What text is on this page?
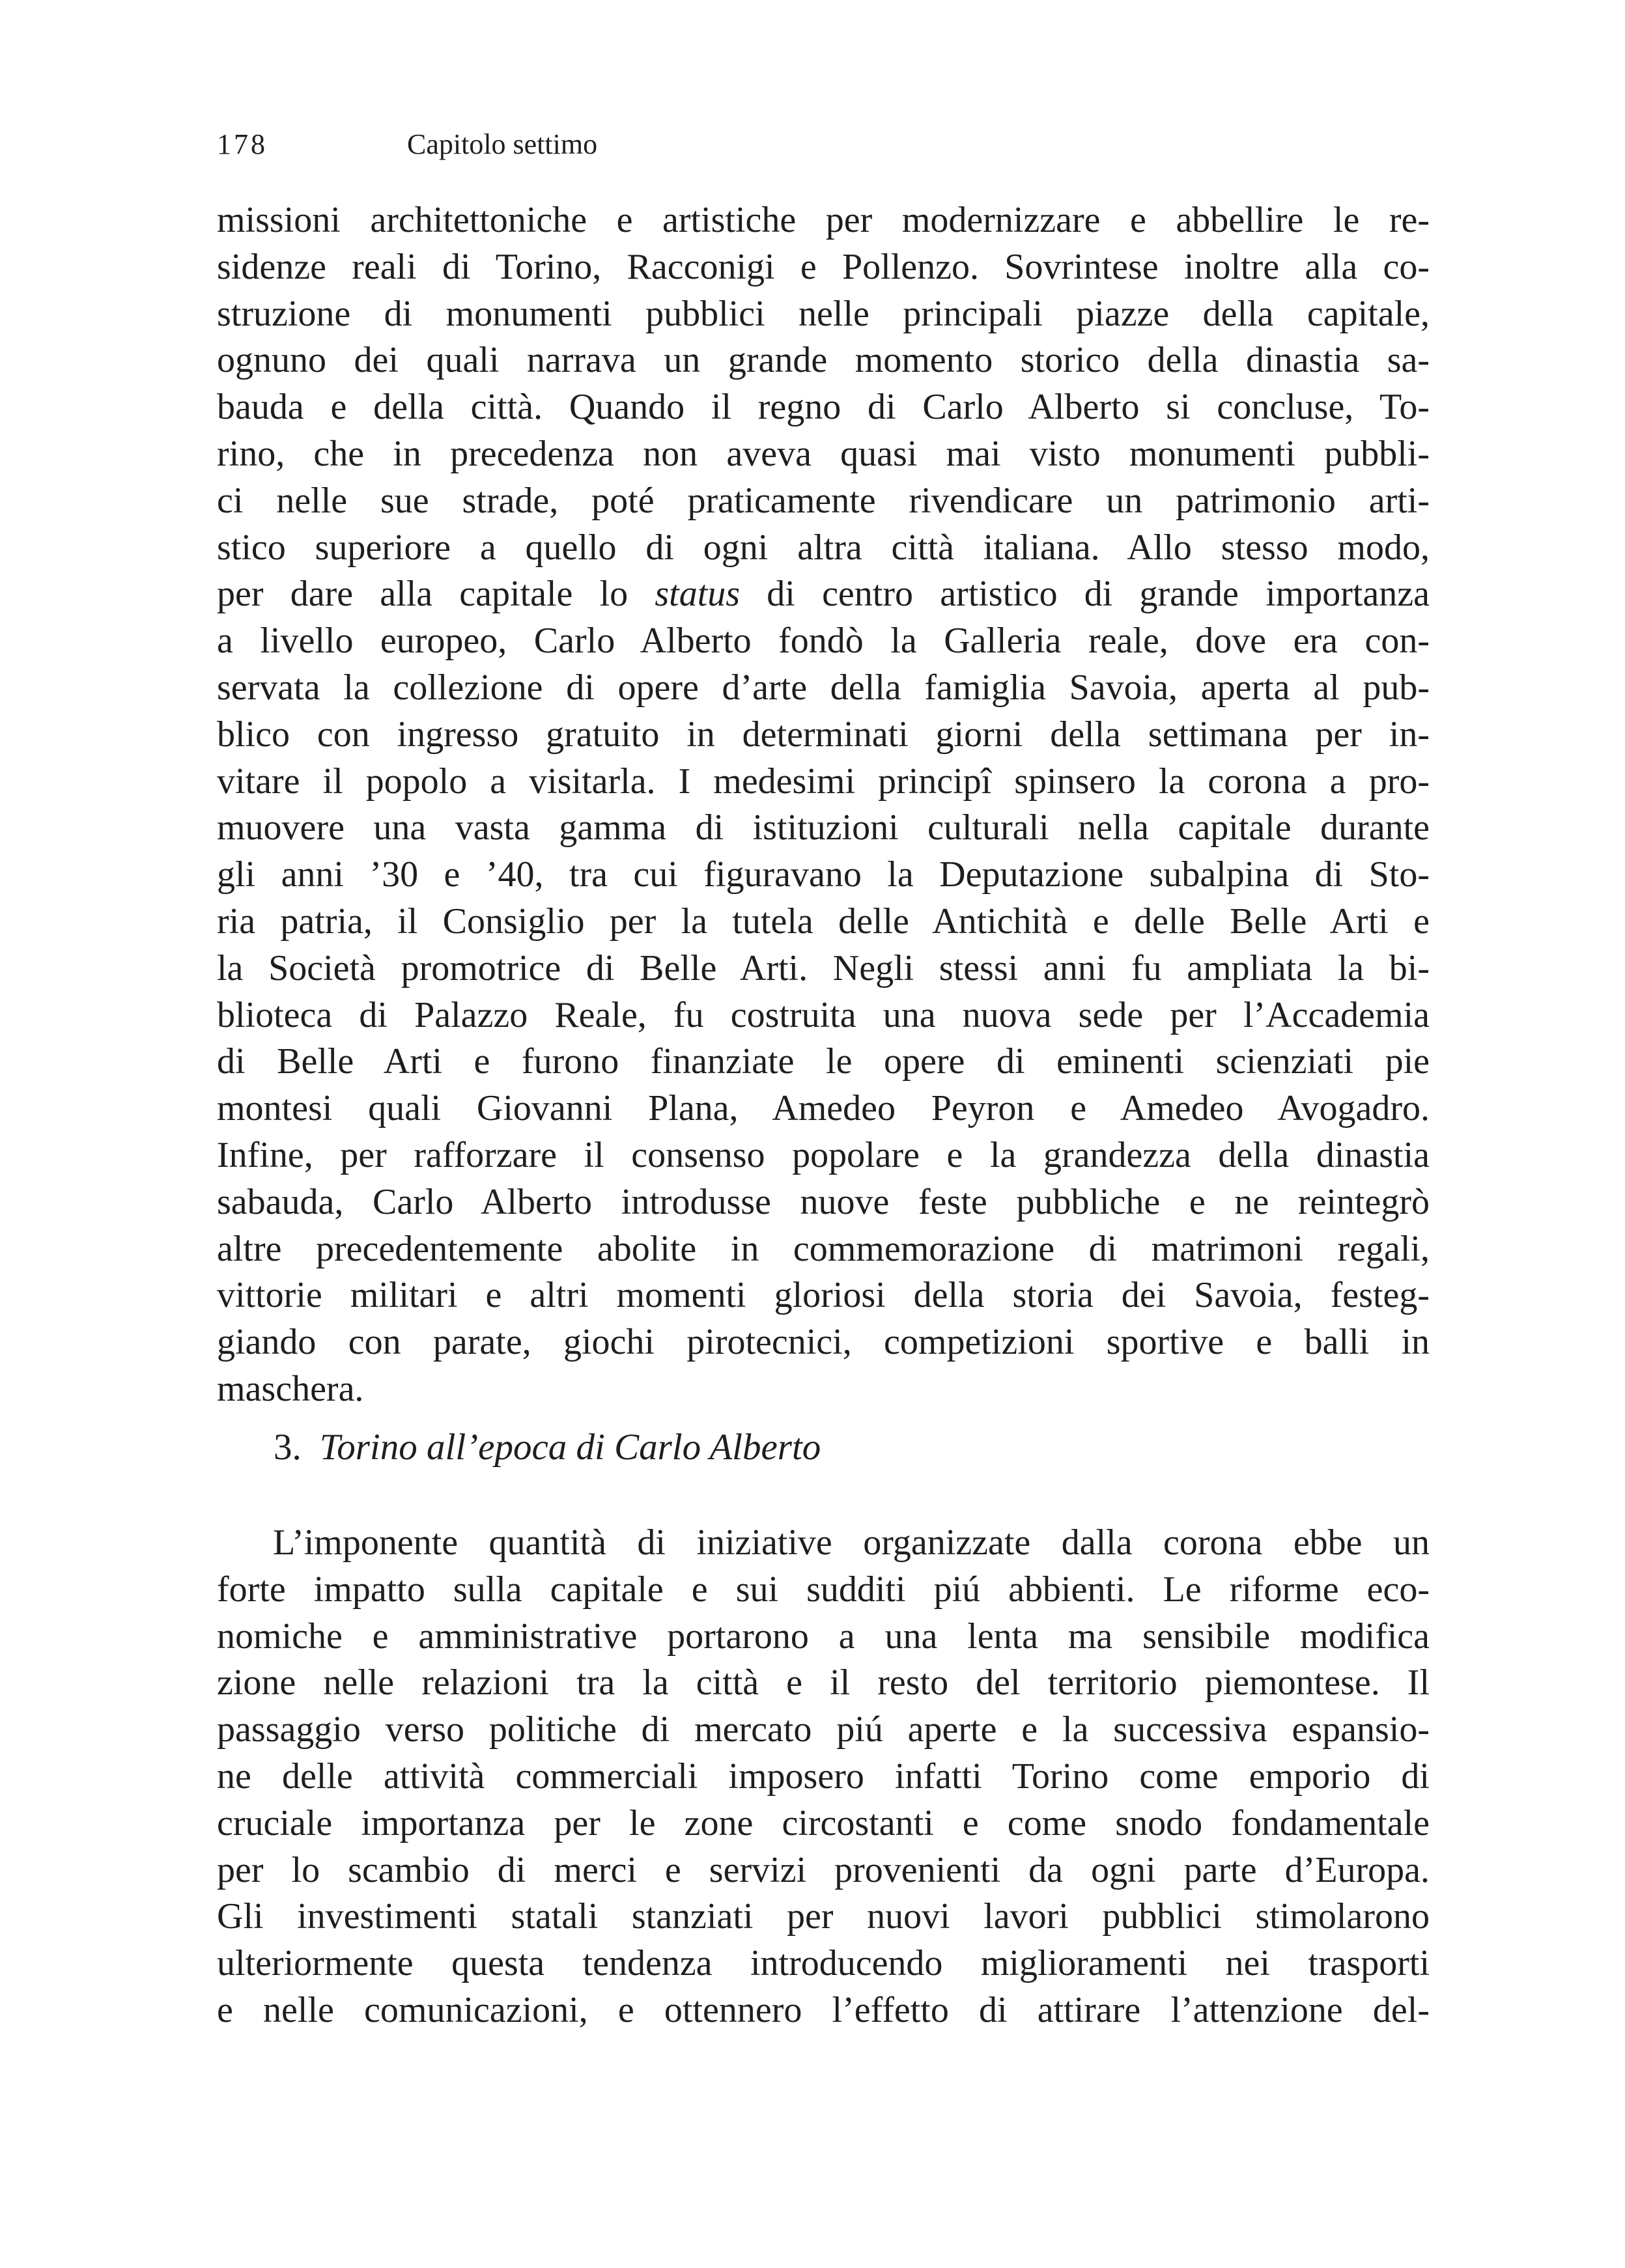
178	Capitolo settimo
missioni architettoniche e artistiche per modernizzare e abbellire le re-
sidenze reali di Torino, Racconigi e Pollenzo. Sovrintese inoltre alla co-
struzione di monumenti pubblici nelle principali piazze della capitale,
ognuno dei quali narrava un grande momento storico della dinastia sa-
bauda e della città. Quando il regno di Carlo Alberto si concluse, To-
rino, che in precedenza non aveva quasi mai visto monumenti pubbli-
ci nelle sue strade, poté praticamente rivendicare un patrimonio arti-
stico superiore a quello di ogni altra città italiana. Allo stesso modo,
per dare alla capitale lo status di centro artistico di grande importanza
a livello europeo, Carlo Alberto fondò la Galleria reale, dove era con-
servata la collezione di opere d’arte della famiglia Savoia, aperta al pub-
blico con ingresso gratuito in determinati giorni della settimana per in-
vitare il popolo a visitarla. I medesimi principî spinsero la corona a pro-
muovere una vasta gamma di istituzioni culturali nella capitale durante
gli anni ’30 e ’40, tra cui figuravano la Deputazione subalpina di Sto-
ria patria, il Consiglio per la tutela delle Antichità e delle Belle Arti e
la Società promotrice di Belle Arti. Negli stessi anni fu ampliata la bi-
blioteca di Palazzo Reale, fu costruita una nuova sede per l’Accademia
di Belle Arti e furono finanziate le opere di eminenti scienziati pie
montesi quali Giovanni Plana, Amedeo Peyron e Amedeo Avogadro.
Infine, per rafforzare il consenso popolare e la grandezza della dinastia
sabauda, Carlo Alberto introdusse nuove feste pubbliche e ne reintegrò
altre precedentemente abolite in commemorazione di matrimoni regali,
vittorie militari e altri momenti gloriosi della storia dei Savoia, festeg-
giando con parate, giochi pirotecnici, competizioni sportive e balli in
maschera.
3. Torino all’epoca di Carlo Alberto
L’imponente quantità di iniziative organizzate dalla corona ebbe un
forte impatto sulla capitale e sui sudditi piú abbienti. Le riforme eco-
nomiche e amministrative portarono a una lenta ma sensibile modifica
zione nelle relazioni tra la città e il resto del territorio piemontese. Il
passaggio verso politiche di mercato piú aperte e la successiva espansio-
ne delle attività commerciali imposero infatti Torino come emporio di
cruciale importanza per le zone circostanti e come snodo fondamentale
per lo scambio di merci e servizi provenienti da ogni parte d’Europa.
Gli investimenti statali stanziati per nuovi lavori pubblici stimolarono
ulteriormente questa tendenza introducendo miglioramenti nei trasporti
e nelle comunicazioni, e ottennero l’effetto di attirare l’attenzione del-
